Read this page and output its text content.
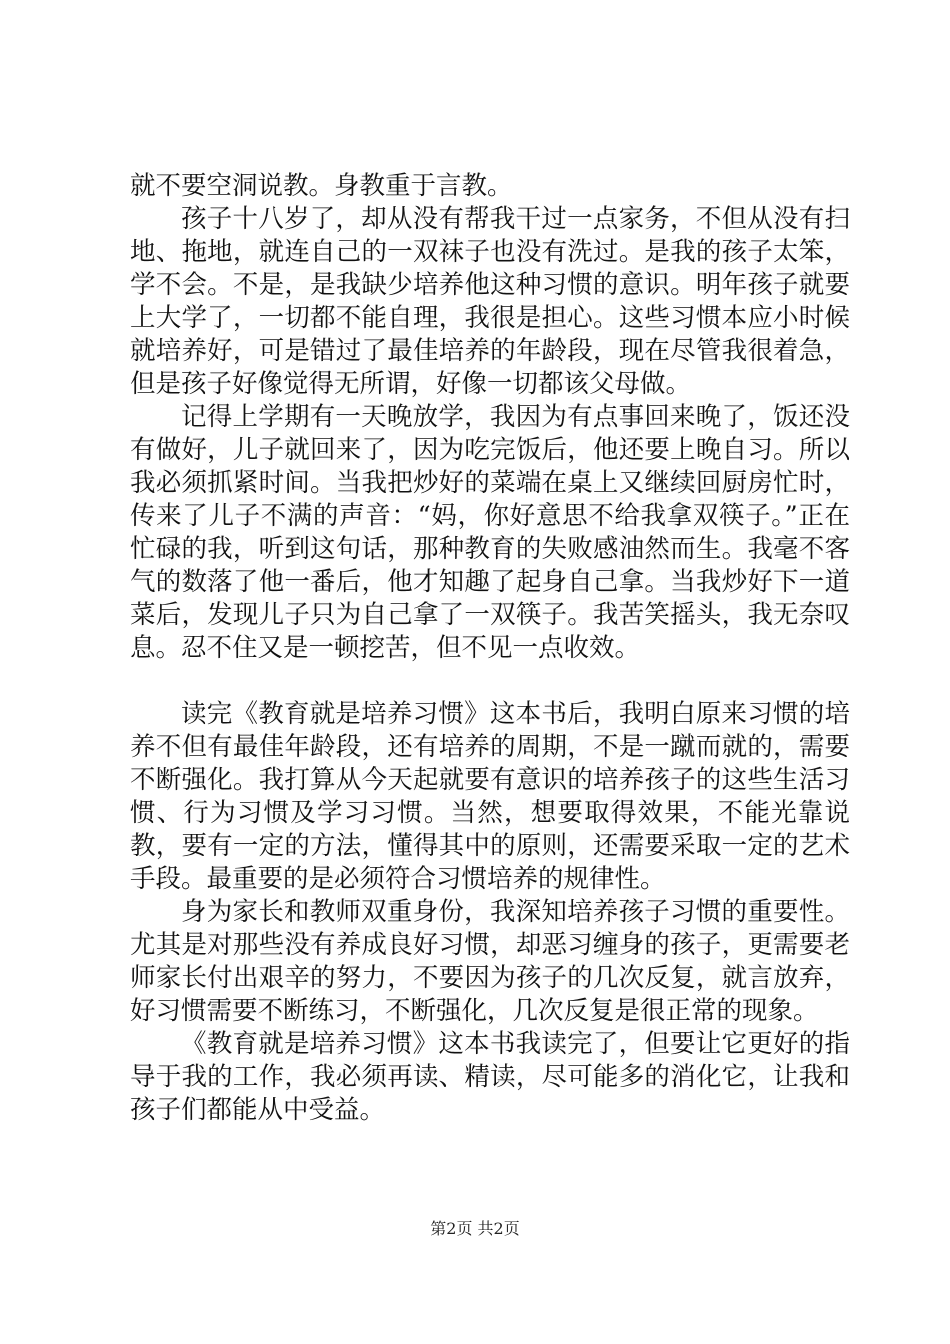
就不要空洞说教。身教重于言教。

孩子十八岁了，却从没有帮我干过一点家务，不但从没有扫地、拖地，就连自己的一双袜子也没有洗过。是我的孩子太笨，学不会。不是，是我缺少培养他这种习惯的意识。明年孩子就要上大学了，一切都不能自理，我很是担心。这些习惯本应小时候就培养好，可是错过了最佳培养的年龄段，现在尽管我很着急，但是孩子好像觉得无所谓，好像一切都该父母做。

记得上学期有一天晚放学，我因为有点事回来晚了，饭还没有做好，儿子就回来了，因为吃完饭后，他还要上晚自习。所以我必须抓紧时间。当我把炒好的菜端在桌上又继续回厨房忙时，传来了儿子不满的声音：“妈，你好意思不给我拿双筷子。”正在忙碌的我，听到这句话，那种教育的失败感油然而生。我毫不客气的数落了他一番后，他才知趣了起身自己拿。当我炒好下一道菜后，发现儿子只为自己拿了一双筷子。我苦笑摇头，我无奈叹息。忍不住又是一顿挖苦，但不见一点收效。

读完《教育就是培养习惯》这本书后，我明白原来习惯的培养不但有最佳年龄段，还有培养的周期，不是一蹴而就的，需要不断强化。我打算从今天起就要有意识的培养孩子的这些生活习惯、行为习惯及学习习惯。当然，想要取得效果，不能光靠说教，要有一定的方法，懂得其中的原则，还需要采取一定的艺术手段。最重要的是必须符合习惯培养的规律性。

身为家长和教师双重身份，我深知培养孩子习惯的重要性。尤其是对那些没有养成良好习惯，却恶习缠身的孩子，更需要老师家长付出艰辛的努力，不要因为孩子的几次反复，就言放弃，好习惯需要不断练习，不断强化，几次反复是很正常的现象。

《教育就是培养习惯》这本书我读完了，但要让它更好的指导于我的工作，我必须再读、精读，尽可能多的消化它，让我和孩子们都能从中受益。

第2页 共2页
